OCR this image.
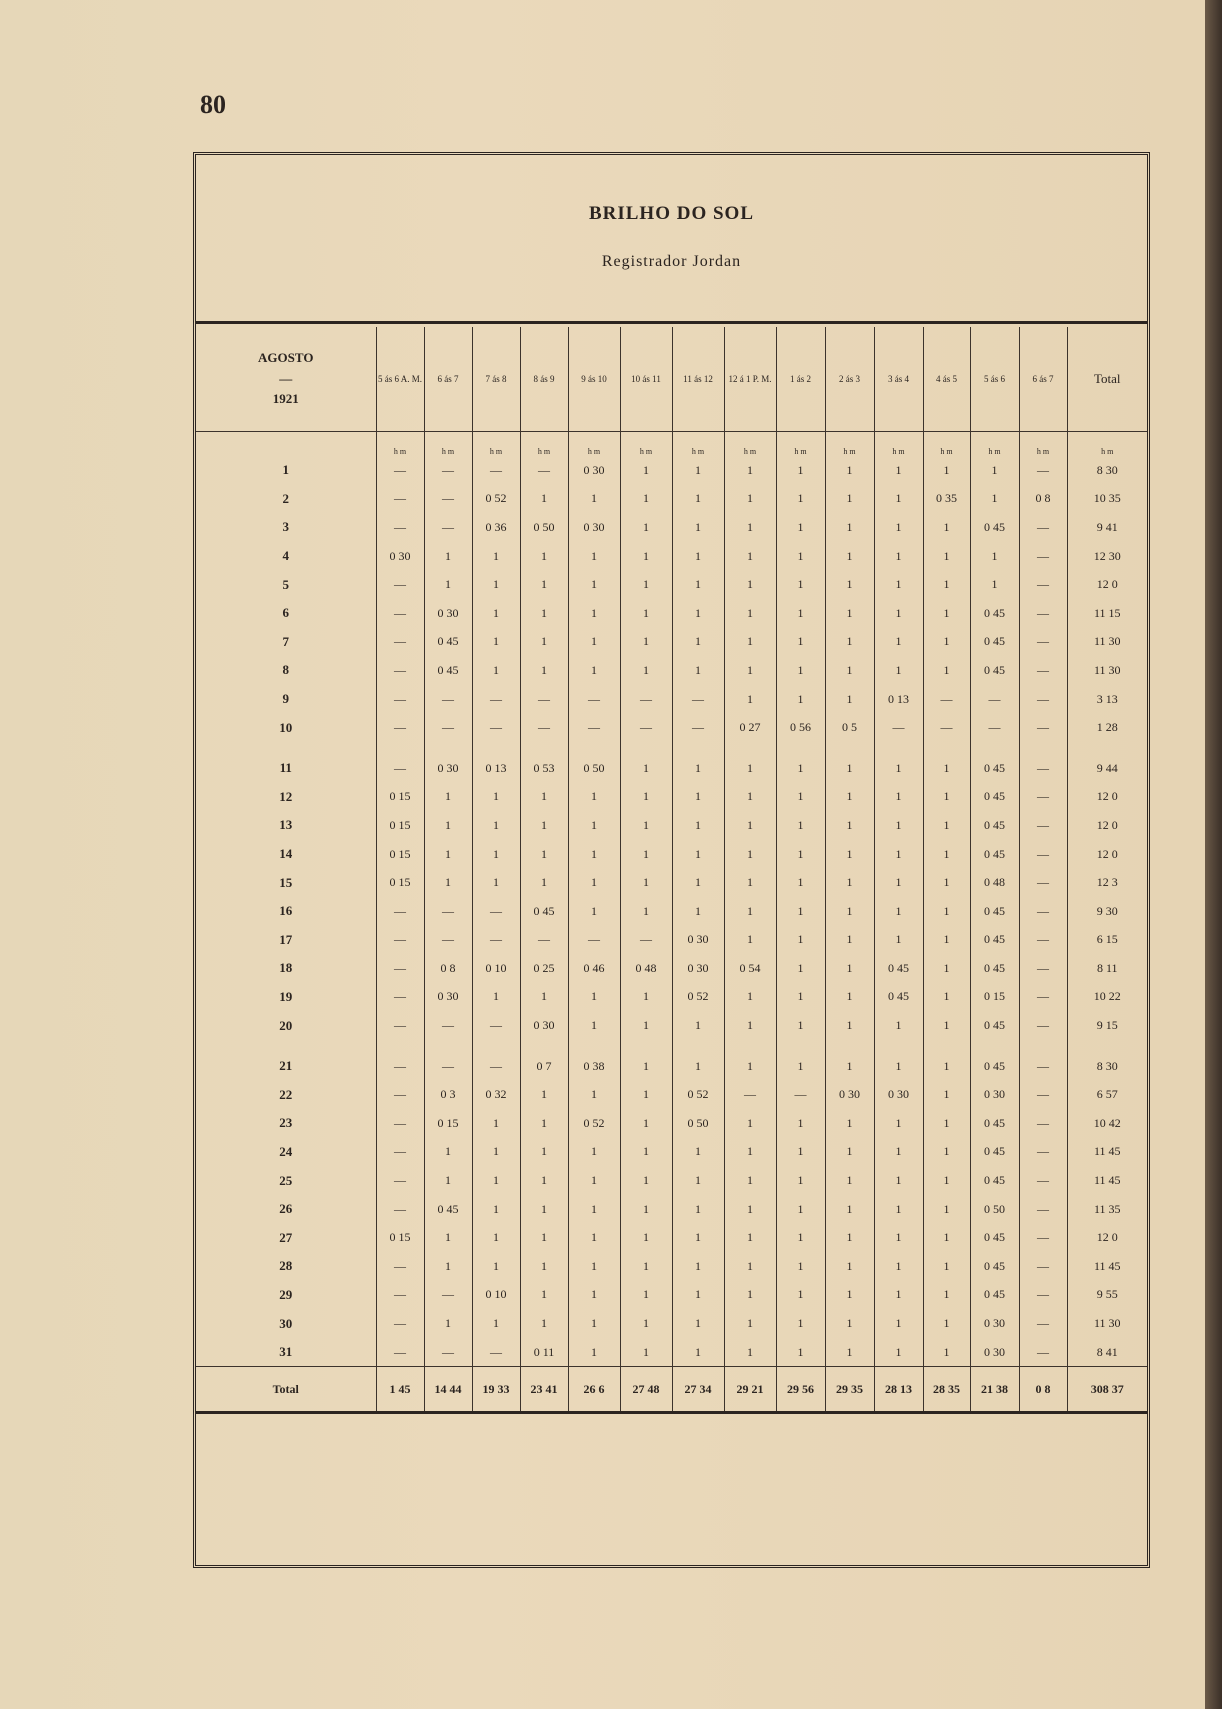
80
BRILHO DO SOL
Registrador Jordan
AGOSTO
—
1921	5 ás 6 A. M.	6 ás 7	7 ás 8	8 ás 9	9 ás 10	10 ás 11	11 ás 12	12 á 1 P. M.	1 ás 2	2 ás 3	3 ás 4	4 ás 5	5 ás 6	6 ás 7	Total
	h m	h m	h m	h m	h m	h m	h m	h m	h m	h m	h m	h m	h m	h m	h m
1	—	—	—	—	0 30	1	1	1	1	1	1	1	1	—	8 30
2	—	—	0 52	1	1	1	1	1	1	1	1	0 35	1	0 8	10 35
3	—	—	0 36	0 50	0 30	1	1	1	1	1	1	1	0 45	—	9 41
4	0 30	1	1	1	1	1	1	1	1	1	1	1	1	—	12 30
5	—	1	1	1	1	1	1	1	1	1	1	1	1	—	12 0
6	—	0 30	1	1	1	1	1	1	1	1	1	1	0 45	—	11 15
7	—	0 45	1	1	1	1	1	1	1	1	1	1	0 45	—	11 30
8	—	0 45	1	1	1	1	1	1	1	1	1	1	0 45	—	11 30
9	—	—	—	—	—	—	—	1	1	1	0 13	—	—	—	3 13
10	—	—	—	—	—	—	—	0 27	0 56	0 5	—	—	—	—	1 28

11	—	0 30	0 13	0 53	0 50	1	1	1	1	1	1	1	0 45	—	9 44
12	0 15	1	1	1	1	1	1	1	1	1	1	1	0 45	—	12 0
13	0 15	1	1	1	1	1	1	1	1	1	1	1	0 45	—	12 0
14	0 15	1	1	1	1	1	1	1	1	1	1	1	0 45	—	12 0
15	0 15	1	1	1	1	1	1	1	1	1	1	1	0 48	—	12 3
16	—	—	—	0 45	1	1	1	1	1	1	1	1	0 45	—	9 30
17	—	—	—	—	—	—	0 30	1	1	1	1	1	0 45	—	6 15
18	—	0 8	0 10	0 25	0 46	0 48	0 30	0 54	1	1	0 45	1	0 45	—	8 11
19	—	0 30	1	1	1	1	0 52	1	1	1	0 45	1	0 15	—	10 22
20	—	—	—	0 30	1	1	1	1	1	1	1	1	0 45	—	9 15

21	—	—	—	0 7	0 38	1	1	1	1	1	1	1	0 45	—	8 30
22	—	0 3	0 32	1	1	1	0 52	—	—	0 30	0 30	1	0 30	—	6 57
23	—	0 15	1	1	0 52	1	0 50	1	1	1	1	1	0 45	—	10 42
24	—	1	1	1	1	1	1	1	1	1	1	1	0 45	—	11 45
25	—	1	1	1	1	1	1	1	1	1	1	1	0 45	—	11 45
26	—	0 45	1	1	1	1	1	1	1	1	1	1	0 50	—	11 35
27	0 15	1	1	1	1	1	1	1	1	1	1	1	0 45	—	12 0
28	—	1	1	1	1	1	1	1	1	1	1	1	0 45	—	11 45
29	—	—	0 10	1	1	1	1	1	1	1	1	1	0 45	—	9 55
30	—	1	1	1	1	1	1	1	1	1	1	1	0 30	—	11 30
31	—	—	—	0 11	1	1	1	1	1	1	1	1	0 30	—	8 41
Total	1 45	14 44	19 33	23 41	26 6	27 48	27 34	29 21	29 56	29 35	28 13	28 35	21 38	0 8	308 37
